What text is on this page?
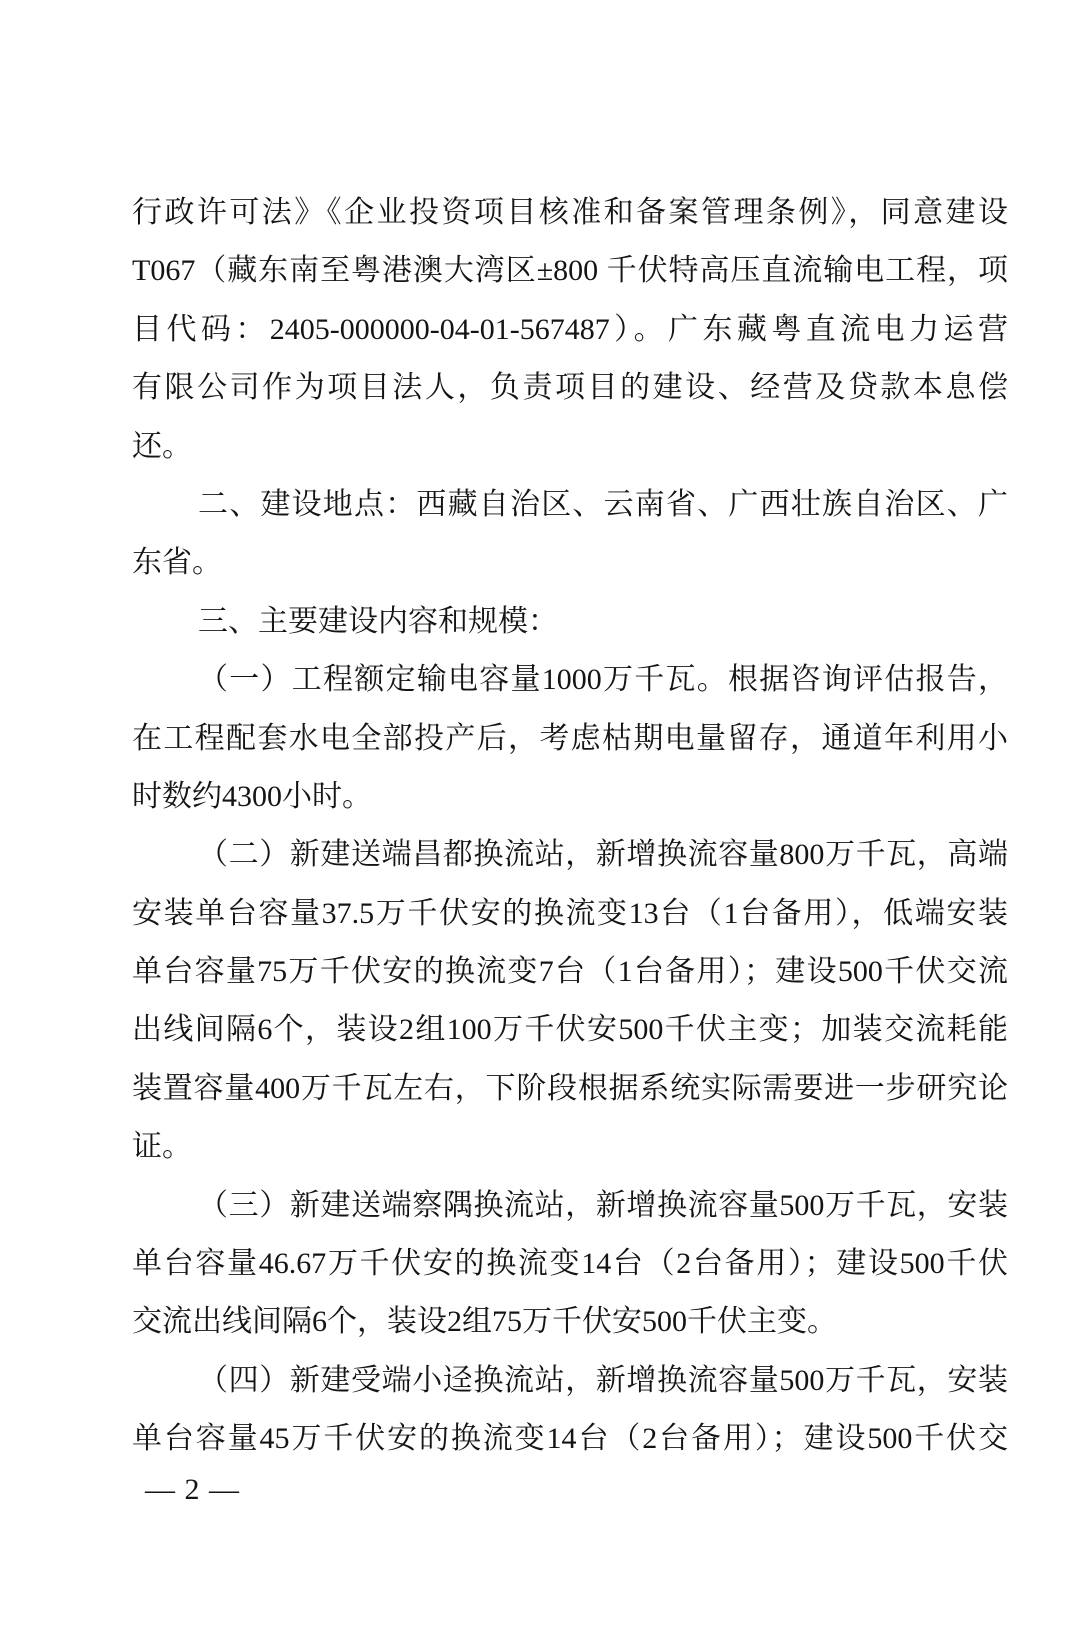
行政许可法》《企业投资项目核准和备案管理条例》，同意建设
T067（藏东南至粤港澳大湾区±800 千伏特高压直流输电工程，项
目代码：2405-000000-04-01-567487）。广东藏粤直流电力运营
有限公司作为项目法人，负责项目的建设、经营及贷款本息偿
还。
二、建设地点：西藏自治区、云南省、广西壮族自治区、广
东省。
三、主要建设内容和规模：
（一）工程额定输电容量1000万千瓦。根据咨询评估报告，
在工程配套水电全部投产后，考虑枯期电量留存，通道年利用小
时数约4300小时。
（二）新建送端昌都换流站，新增换流容量800万千瓦，高端
安装单台容量37.5万千伏安的换流变13台（1台备用），低端安装
单台容量75万千伏安的换流变7台（1台备用）；建设500千伏交流
出线间隔6个，装设2组100万千伏安500千伏主变；加装交流耗能
装置容量400万千瓦左右，下阶段根据系统实际需要进一步研究论
证。
（三）新建送端察隅换流站，新增换流容量500万千瓦，安装
单台容量46.67万千伏安的换流变14台（2台备用）；建设500千伏
交流出线间隔6个，装设2组75万千伏安500千伏主变。
（四）新建受端小迳换流站，新增换流容量500万千瓦，安装
单台容量45万千伏安的换流变14台（2台备用）；建设500千伏交
— 2 —
